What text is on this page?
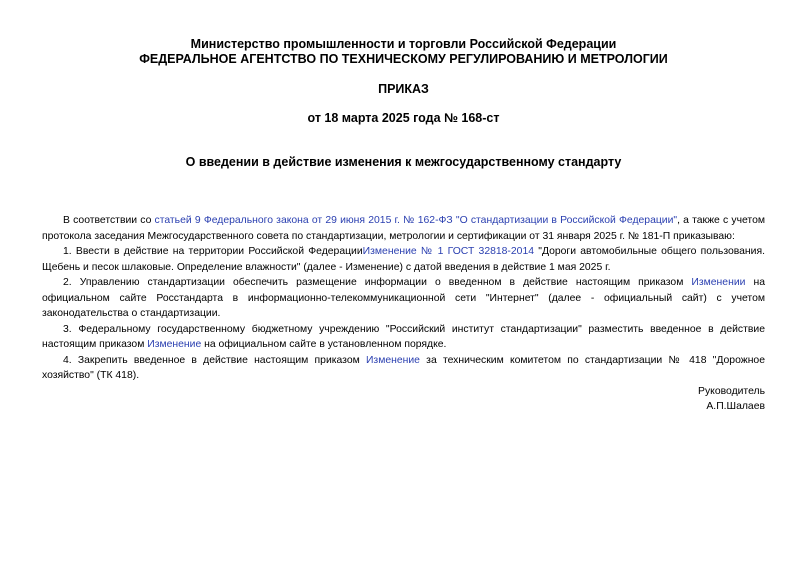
Министерство промышленности и торговли Российской Федерации
ФЕДЕРАЛЬНОЕ АГЕНТСТВО ПО ТЕХНИЧЕСКОМУ РЕГУЛИРОВАНИЮ И МЕТРОЛОГИИ
ПРИКАЗ
от 18 марта 2025 года № 168-ст
О введении в действие изменения к межгосударственному стандарту

В соответствии со статьей 9 Федерального закона от 29 июня 2015 г. № 162-ФЗ "О стандартизации в Российской Федерации", а также с учетом протокола заседания Межгосударственного совета по стандартизации, метрологии и сертификации от 31 января 2025 г. № 181-П приказываю:

1. Ввести в действие на территории Российской ФедерацииИзменение № 1 ГОСТ 32818-2014 "Дороги автомобильные общего пользования. Щебень и песок шлаковые. Определение влажности" (далее - Изменение) с датой введения в действие 1 мая 2025 г.

2. Управлению стандартизации обеспечить размещение информации о введенном в действие настоящим приказом Изменении на официальном сайте Росстандарта в информационно-телекоммуникационной сети "Интернет" (далее - официальный сайт) с учетом законодательства о стандартизации.

3. Федеральному государственному бюджетному учреждению "Российский институт стандартизации" разместить введенное в действие настоящим приказом Изменение на официальном сайте в установленном порядке.

4. Закрепить введенное в действие настоящим приказом Изменение за техническим комитетом по стандартизации № 418 "Дорожное хозяйство" (ТК 418).

Руководитель

А.П.Шалаев
